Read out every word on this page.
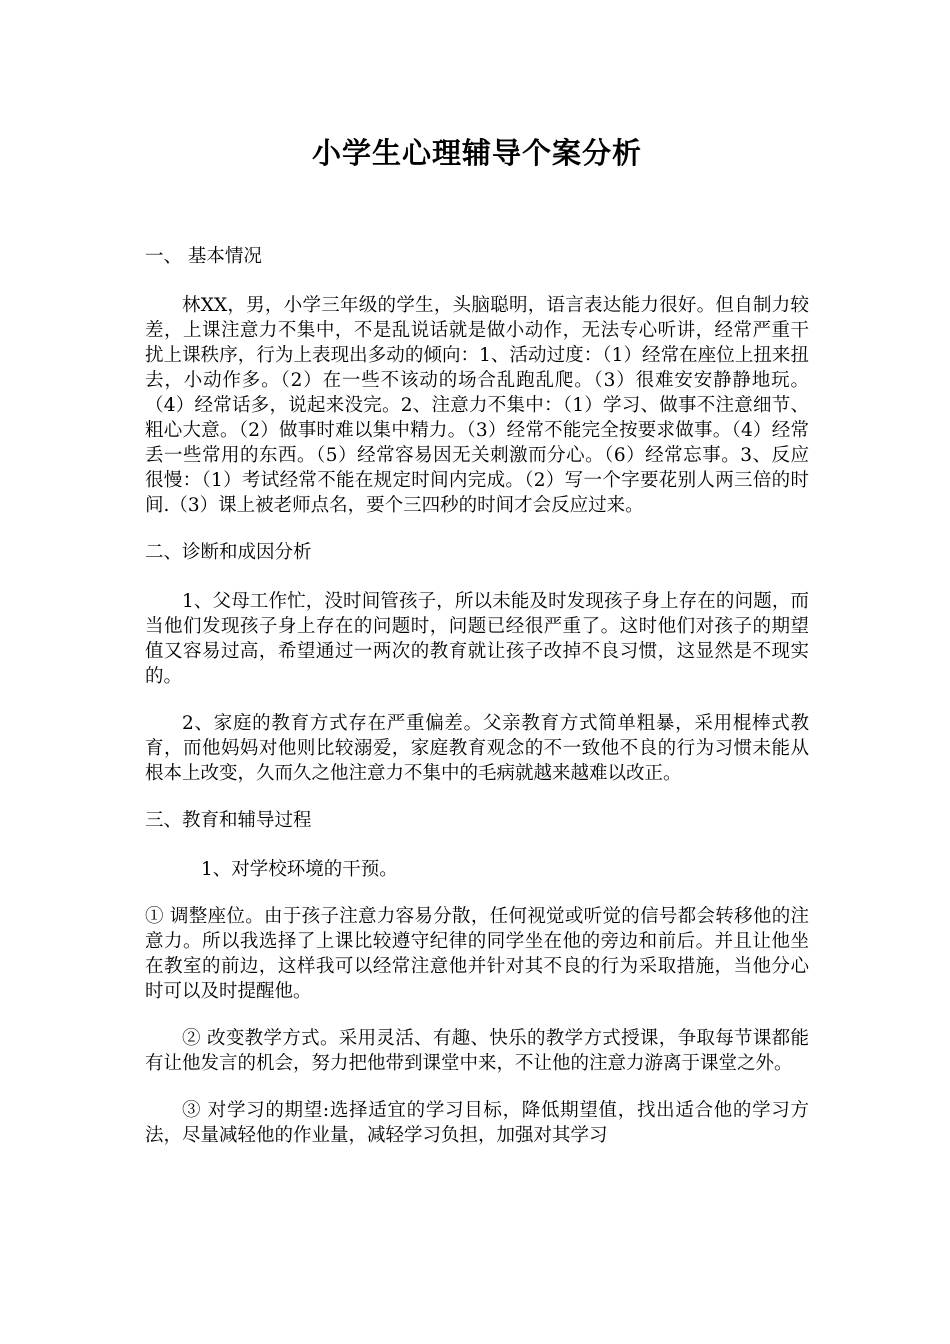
小学生心理辅导个案分析

一、 基本情况

林XX，男，小学三年级的学生，头脑聪明，语言表达能力很好。但自制力较差，上课注意力不集中，不是乱说话就是做小动作，无法专心听讲，经常严重干扰上课秩序，行为上表现出多动的倾向：1、活动过度：（1）经常在座位上扭来扭去，小动作多。（2）在一些不该动的场合乱跑乱爬。（3）很难安安静静地玩。（4）经常话多，说起来没完。2、注意力不集中：（1）学习、做事不注意细节、粗心大意。（2）做事时难以集中精力。（3）经常不能完全按要求做事。（4）经常丢一些常用的东西。（5）经常容易因无关刺激而分心。（6）经常忘事。3、反应很慢：（1）考试经常不能在规定时间内完成。（2）写一个字要花别人两三倍的时间.（3）课上被老师点名，要个三四秒的时间才会反应过来。

二、诊断和成因分析

1、父母工作忙，没时间管孩子，所以未能及时发现孩子身上存在的问题，而当他们发现孩子身上存在的问题时，问题已经很严重了。这时他们对孩子的期望值又容易过高，希望通过一两次的教育就让孩子改掉不良习惯，这显然是不现实的。

2、家庭的教育方式存在严重偏差。父亲教育方式简单粗暴，采用棍棒式教育，而他妈妈对他则比较溺爱，家庭教育观念的不一致他不良的行为习惯未能从根本上改变，久而久之他注意力不集中的毛病就越来越难以改正。

三、教育和辅导过程

1、对学校环境的干预。

① 调整座位。由于孩子注意力容易分散，任何视觉或听觉的信号都会转移他的注意力。所以我选择了上课比较遵守纪律的同学坐在他的旁边和前后。并且让他坐在教室的前边，这样我可以经常注意他并针对其不良的行为采取措施，当他分心时可以及时提醒他。

② 改变教学方式。采用灵活、有趣、快乐的教学方式授课，争取每节课都能有让他发言的机会，努力把他带到课堂中来，不让他的注意力游离于课堂之外。

③ 对学习的期望:选择适宜的学习目标，降低期望值，找出适合他的学习方法，尽量减轻他的作业量，减轻学习负担，加强对其学习
